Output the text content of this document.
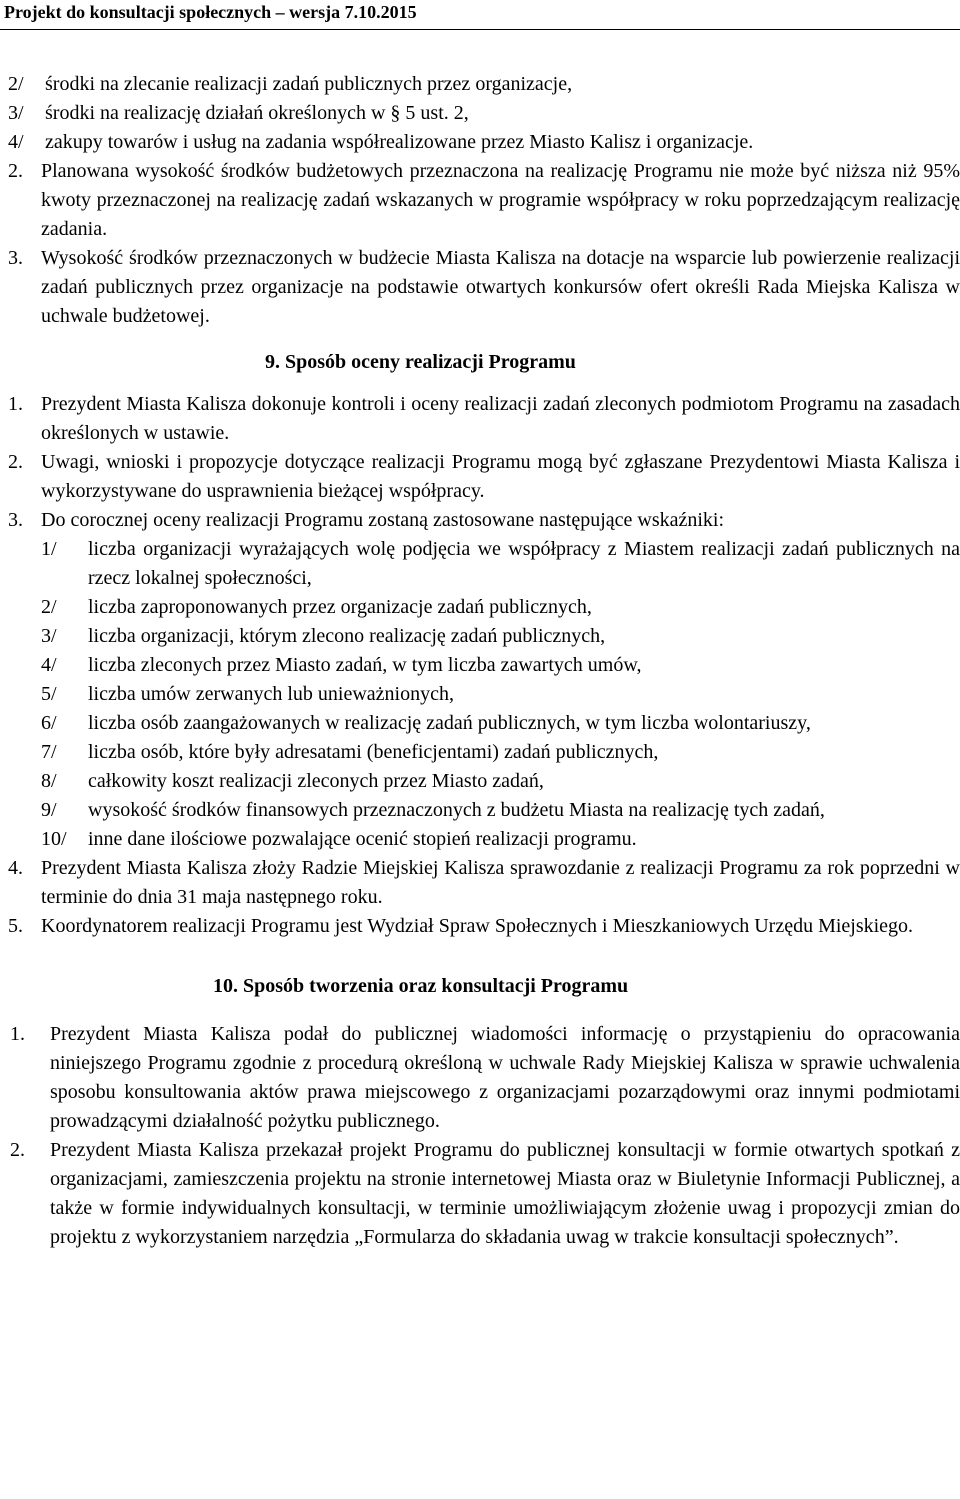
Projekt do konsultacji społecznych – wersja 7.10.2015
2/	środki na zlecanie realizacji zadań publicznych przez organizacje,
3/	środki na realizację działań określonych w § 5 ust. 2,
4/	zakupy towarów i usług na zadania współrealizowane przez Miasto Kalisz i organizacje.
2. Planowana wysokość środków budżetowych przeznaczona na realizację Programu nie może być niższa niż 95% kwoty przeznaczonej na realizację zadań wskazanych w programie współpracy w roku poprzedzającym realizację zadania.
3. Wysokość środków przeznaczonych w budżecie Miasta Kalisza na dotacje na wsparcie lub powierzenie realizacji zadań publicznych przez organizacje na podstawie otwartych konkursów ofert określi Rada Miejska Kalisza w uchwale budżetowej.
9. Sposób oceny realizacji Programu
1. Prezydent Miasta Kalisza dokonuje kontroli i oceny realizacji zadań zleconych podmiotom Programu na zasadach określonych w ustawie.
2. Uwagi, wnioski i propozycje dotyczące realizacji Programu mogą być zgłaszane Prezydentowi Miasta Kalisza i wykorzystywane do usprawnienia bieżącej współpracy.
3. Do corocznej oceny realizacji Programu zostaną zastosowane następujące wskaźniki:
1/	liczba organizacji wyrażających wolę podjęcia we współpracy z Miastem realizacji zadań publicznych na rzecz lokalnej społeczności,
2/	liczba zaproponowanych przez organizacje zadań publicznych,
3/	liczba organizacji, którym zlecono realizację zadań publicznych,
4/	liczba zleconych przez Miasto zadań, w tym liczba zawartych umów,
5/	liczba umów zerwanych lub unieważnionych,
6/	liczba osób zaangażowanych w realizację zadań publicznych, w tym liczba wolontariuszy,
7/	liczba osób, które były adresatami (beneficjentami) zadań publicznych,
8/	całkowity koszt realizacji zleconych przez Miasto zadań,
9/	wysokość środków finansowych przeznaczonych z budżetu Miasta na realizację tych zadań,
10/	inne dane ilościowe pozwalające ocenić stopień realizacji programu.
4. Prezydent Miasta Kalisza złoży Radzie Miejskiej Kalisza sprawozdanie z realizacji Programu za rok poprzedni w terminie do dnia 31 maja następnego roku.
5. Koordynatorem realizacji Programu jest Wydział Spraw Społecznych i Mieszkaniowych Urzędu Miejskiego.
10. Sposób tworzenia oraz konsultacji Programu
1.	Prezydent Miasta Kalisza podał do publicznej wiadomości informację o przystąpieniu do opracowania niniejszego Programu zgodnie z procedurą określoną w uchwale Rady Miejskiej Kalisza w sprawie uchwalenia sposobu konsultowania aktów prawa miejscowego z organizacjami pozarządowymi oraz innymi podmiotami prowadzącymi działalność pożytku publicznego.
2.	Prezydent Miasta Kalisza przekazał projekt Programu do publicznej konsultacji w formie otwartych spotkań z organizacjami, zamieszczenia projektu na stronie internetowej Miasta oraz w Biuletynie Informacji Publicznej, a także w formie indywidualnych konsultacji, w terminie umożliwiającym złożenie uwag i propozycji zmian do projektu z wykorzystaniem narzędzia „Formularza do składania uwag w trakcie konsultacji społecznych”.
